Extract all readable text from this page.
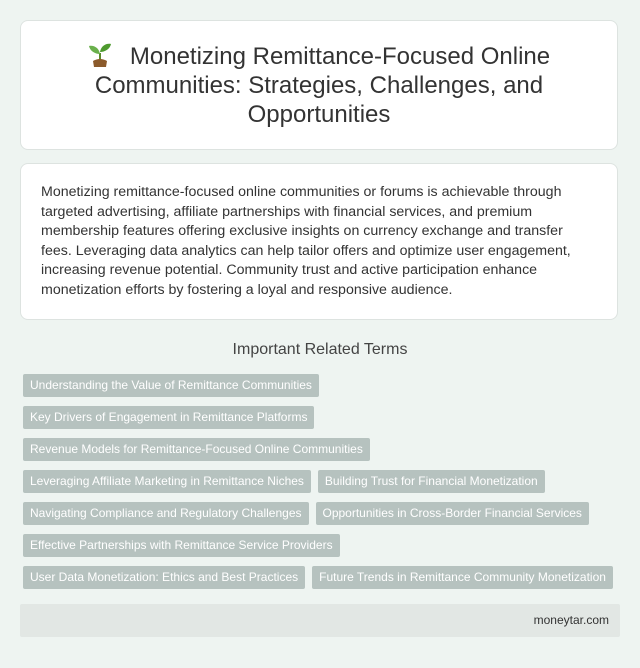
Monetizing Remittance-Focused Online Communities: Strategies, Challenges, and Opportunities

Monetizing remittance-focused online communities or forums is achievable through targeted advertising, affiliate partnerships with financial services, and premium membership features offering exclusive insights on currency exchange and transfer fees. Leveraging data analytics can help tailor offers and optimize user engagement, increasing revenue potential. Community trust and active participation enhance monetization efforts by fostering a loyal and responsive audience.

Important Related Terms
Understanding the Value of Remittance Communities
Key Drivers of Engagement in Remittance Platforms
Revenue Models for Remittance-Focused Online Communities
Leveraging Affiliate Marketing in Remittance Niches	Building Trust for Financial Monetization
Navigating Compliance and Regulatory Challenges	Opportunities in Cross-Border Financial Services
Effective Partnerships with Remittance Service Providers
User Data Monetization: Ethics and Best Practices	Future Trends in Remittance Community Monetization
moneytar.com
